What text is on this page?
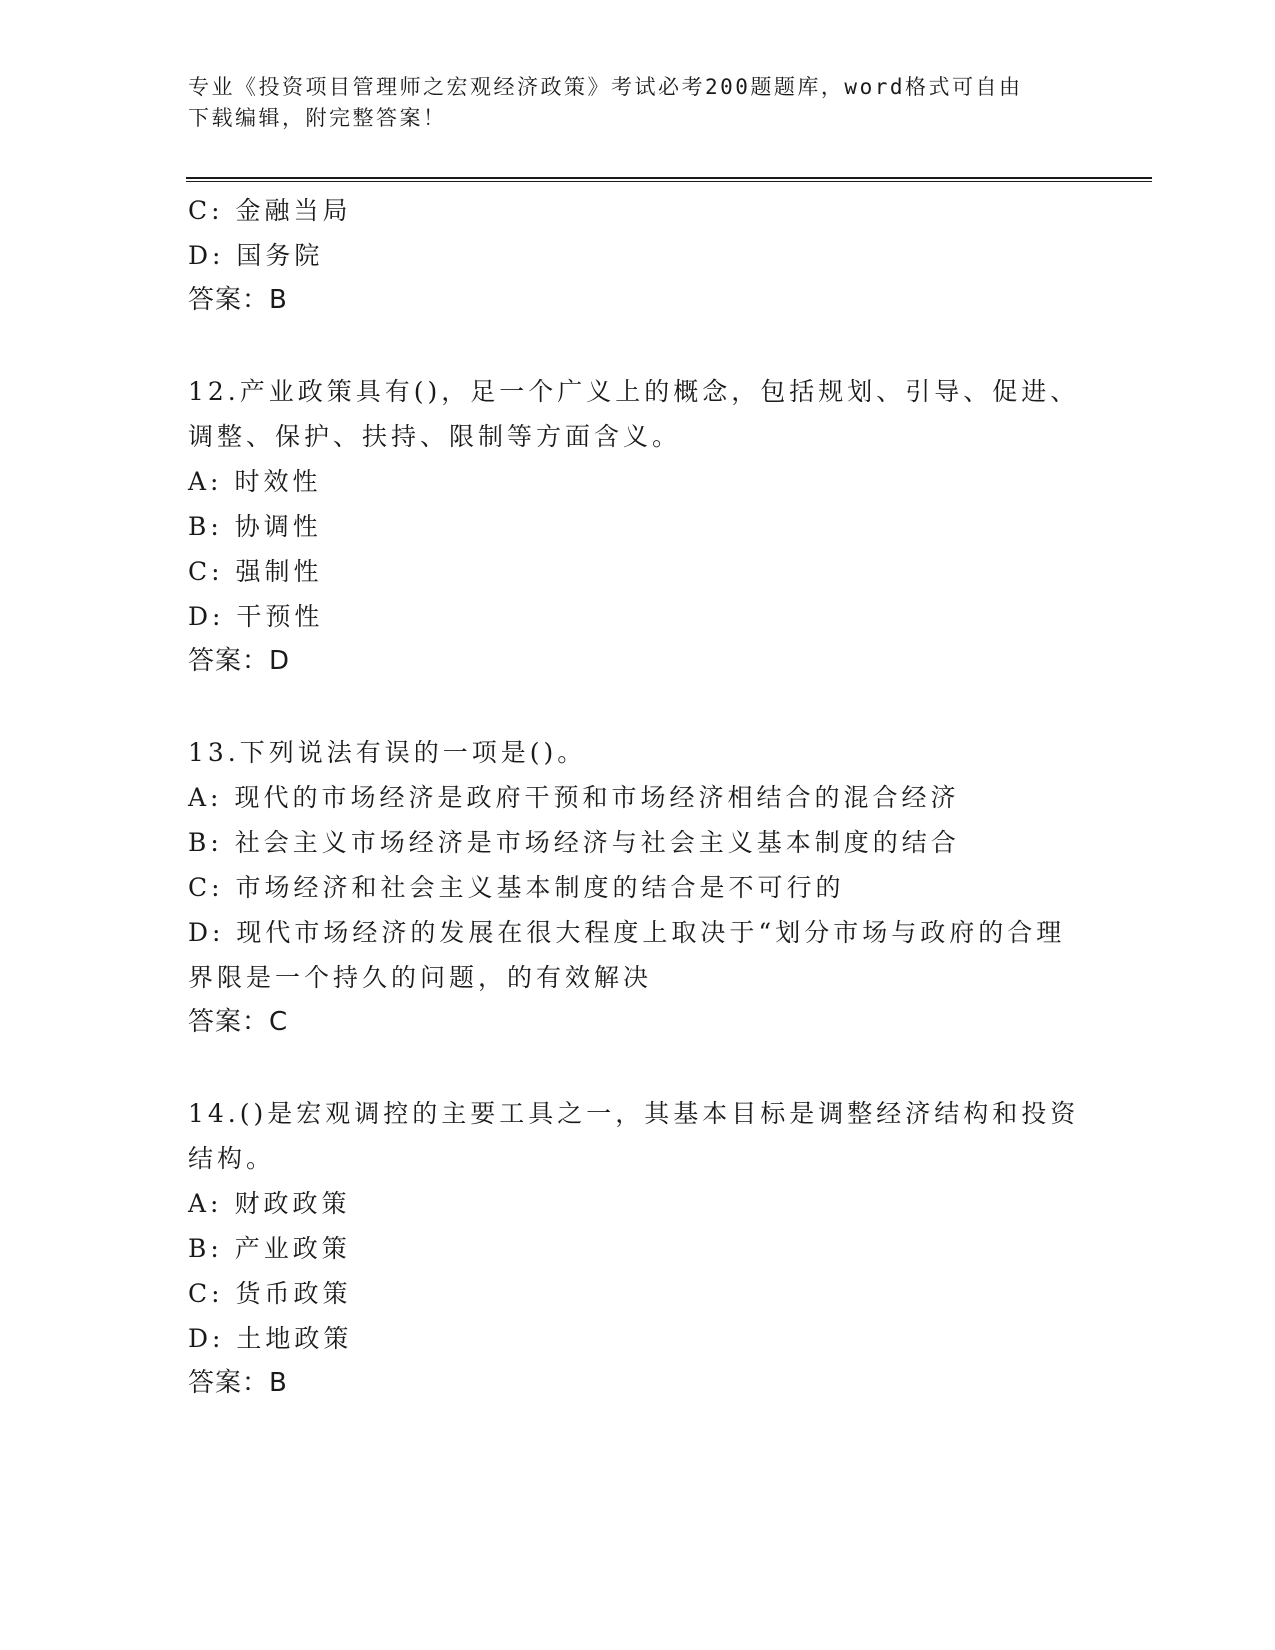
专业《投资项目管理师之宏观经济政策》考试必考200题题库，word格式可自由
下载编辑，附完整答案！
C: 金融当局
D: 国务院
答案：B
12.产业政策具有()，足一个广义上的概念，包括规划、引导、促进、
调整、保护、扶持、限制等方面含义。
A: 时效性
B: 协调性
C: 强制性
D: 干预性
答案：D
13.下列说法有误的一项是()。
A: 现代的市场经济是政府干预和市场经济相结合的混合经济
B: 社会主义市场经济是市场经济与社会主义基本制度的结合
C: 市场经济和社会主义基本制度的结合是不可行的
D: 现代市场经济的发展在很大程度上取决于“划分市场与政府的合理
界限是一个持久的问题，的有效解决
答案：C
14.()是宏观调控的主要工具之一，其基本目标是调整经济结构和投资
结构。
A: 财政政策
B: 产业政策
C: 货币政策
D: 土地政策
答案：B
